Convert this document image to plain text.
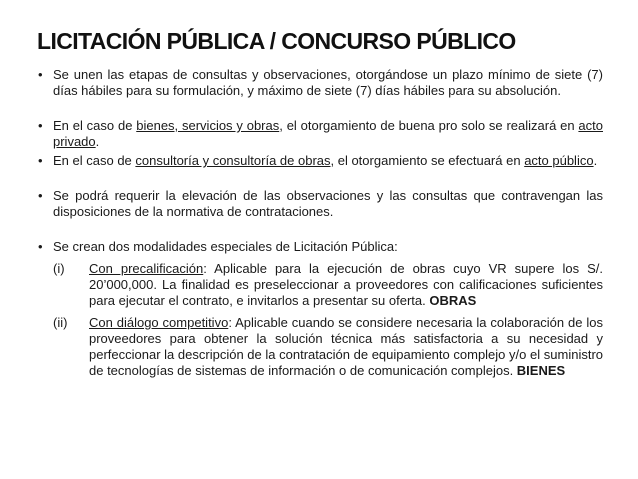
LICITACIÓN PÚBLICA / CONCURSO PÚBLICO
• Se unen las etapas de consultas y observaciones, otorgándose un plazo mínimo de siete (7) días hábiles para su formulación, y máximo de siete (7) días hábiles para su absolución.
• En el caso de bienes, servicios y obras, el otorgamiento de buena pro solo se realizará en acto privado.
• En el caso de consultoría y consultoría de obras, el otorgamiento se efectuará en acto público.
• Se podrá requerir la elevación de las observaciones y las consultas que contravengan las disposiciones de la normativa de contrataciones.
• Se crean dos modalidades especiales de Licitación Pública:
(i) Con precalificación: Aplicable para la ejecución de obras cuyo VR supere los S/. 20’000,000. La finalidad es preseleccionar a proveedores con calificaciones suficientes para ejecutar el contrato, e invitarlos a presentar su oferta. OBRAS
(ii) Con diálogo competitivo: Aplicable cuando se considere necesaria la colaboración de los proveedores para obtener la solución técnica más satisfactoria a su necesidad y perfeccionar la descripción de la contratación de equipamiento complejo y/o el suministro de tecnologías de sistemas de información o de comunicación complejos. BIENES
